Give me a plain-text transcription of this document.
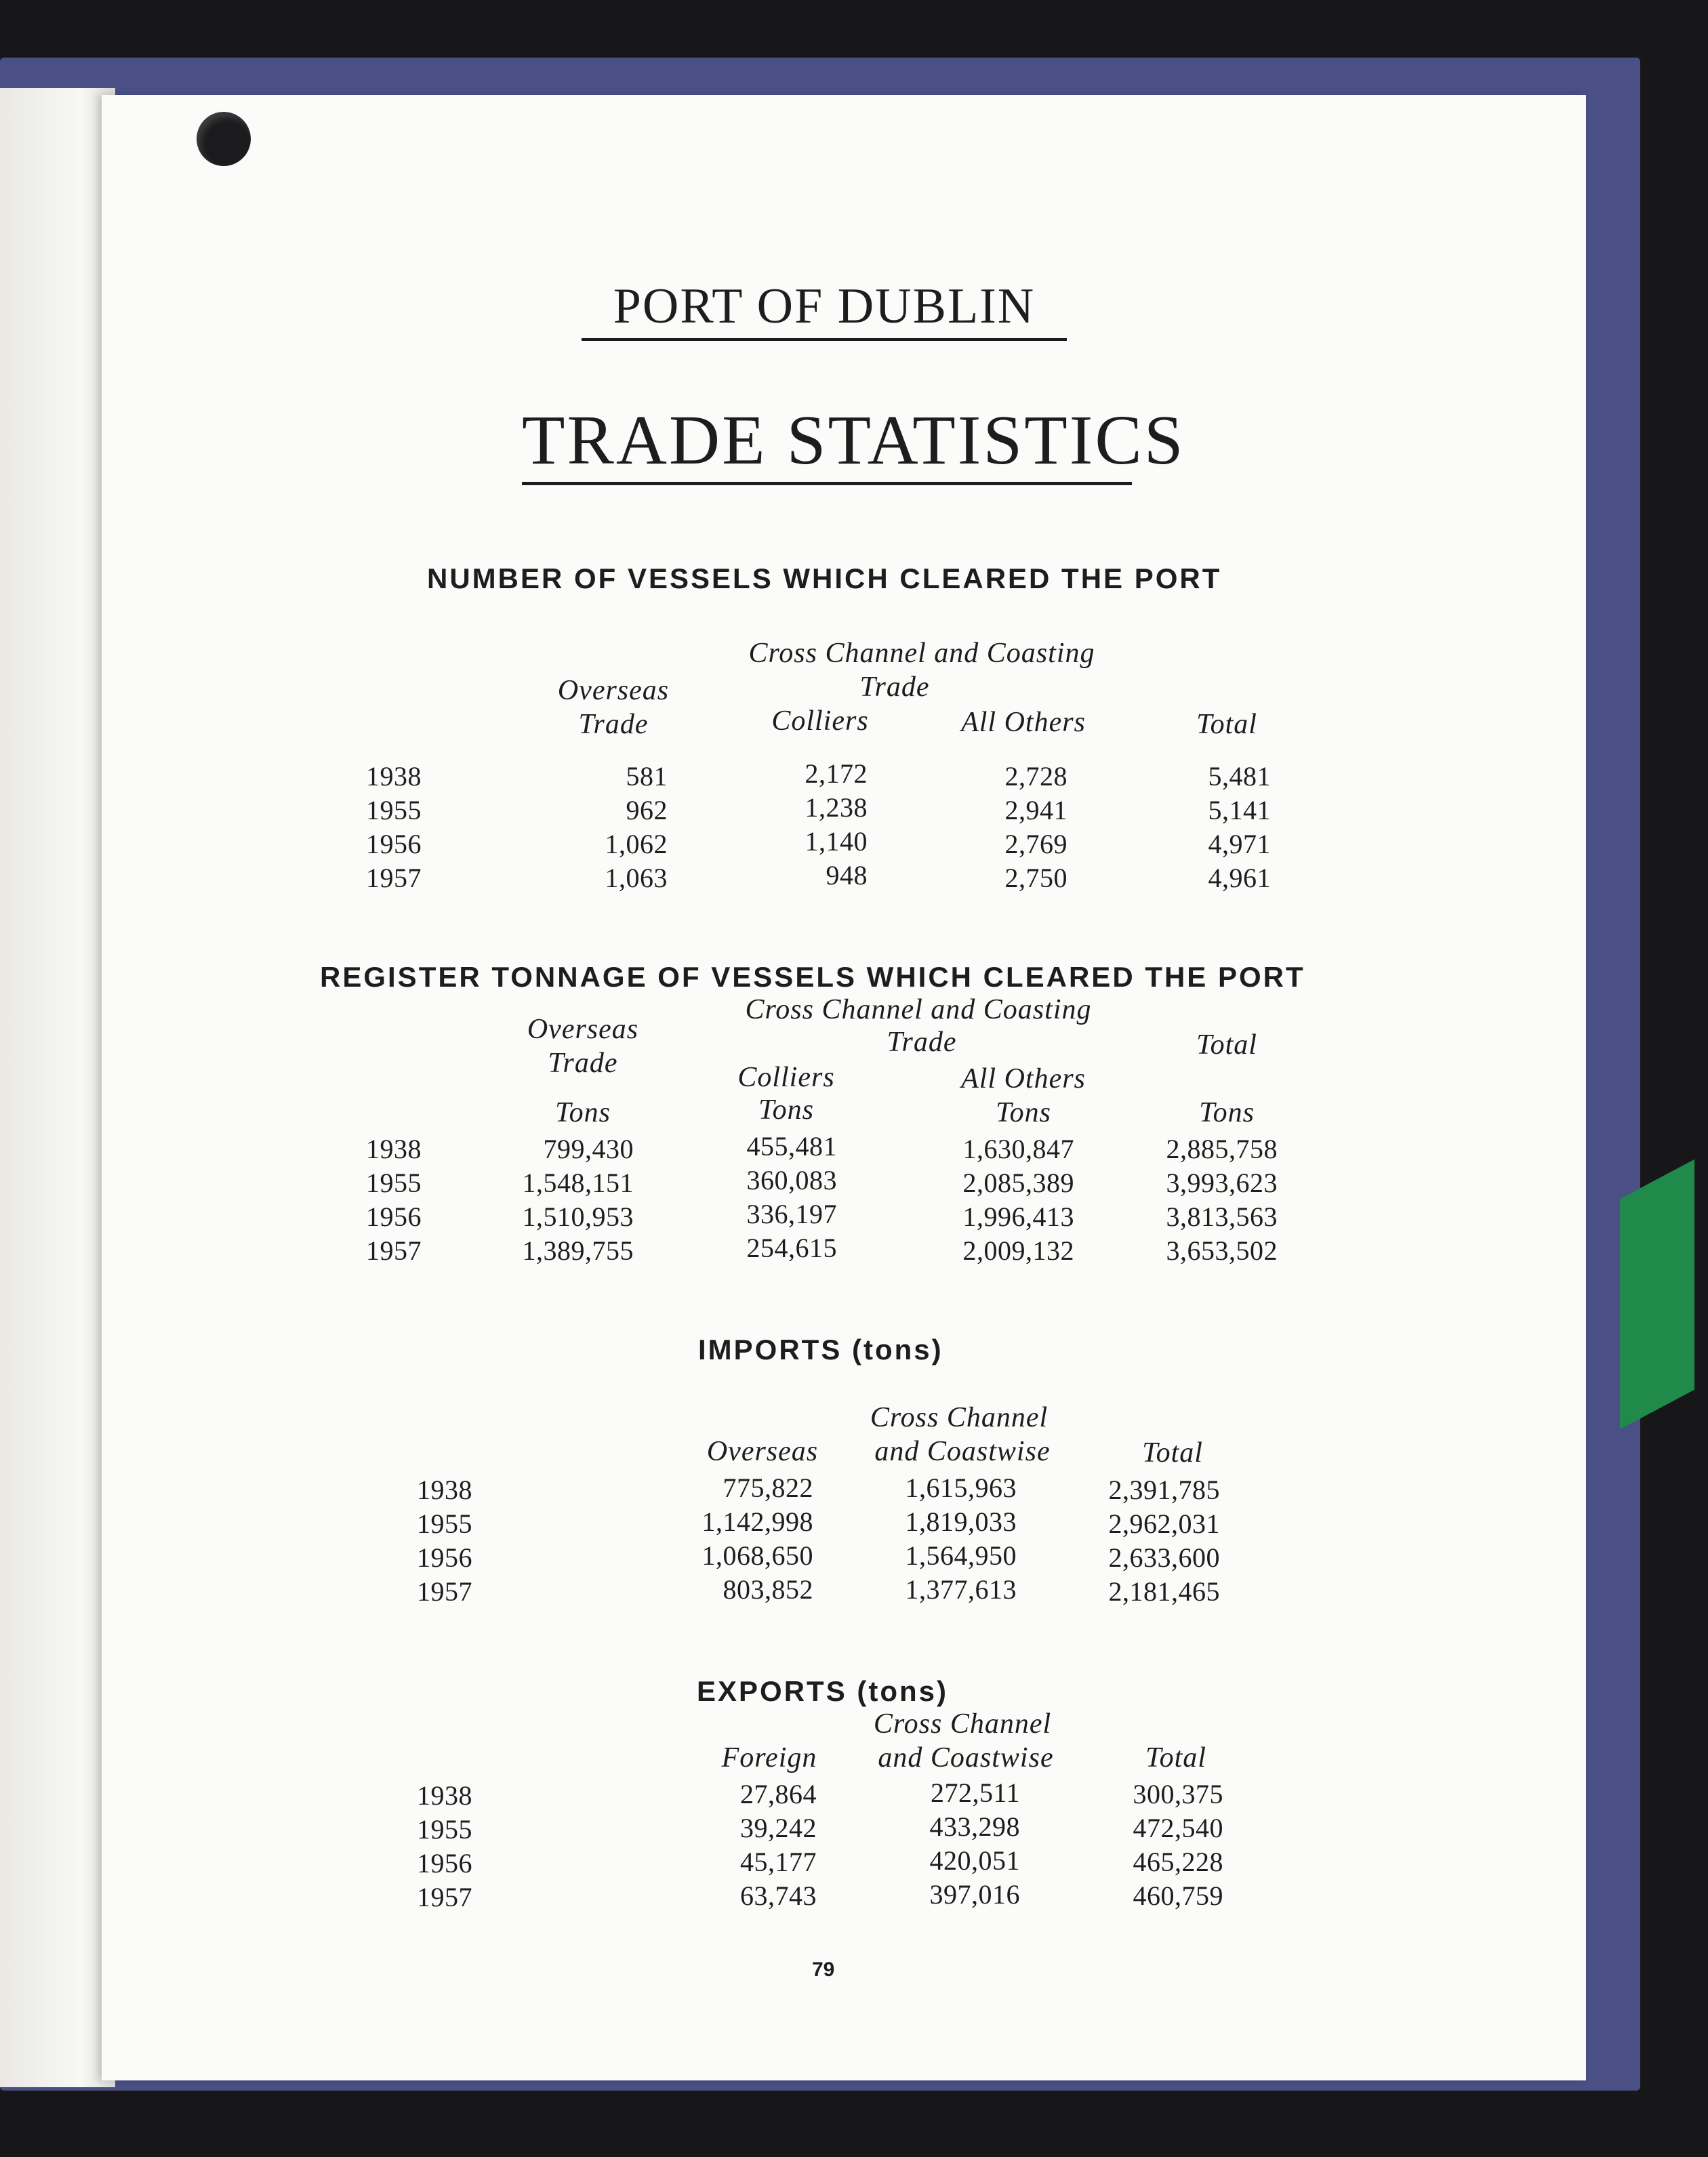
PORT OF DUBLIN
TRADE STATISTICS
NUMBER OF VESSELS WHICH CLEARED THE PORT
Cross Channel and Coasting
Trade
Overseas
Trade	Colliers	All Others	Total
1938	581	2,172	2,728	5,481
1955	962	1,238	2,941	5,141
1956	1,062	1,140	2,769	4,971
1957	1,063	948	2,750	4,961
REGISTER TONNAGE OF VESSELS WHICH CLEARED THE PORT
Cross Channel and Coasting
Trade
Overseas
Trade
Total
Colliers	All Others
Tons	Tons	Tons	Tons
1938	799,430	455,481	1,630,847	2,885,758
1955	1,548,151	360,083	2,085,389	3,993,623
1956	1,510,953	336,197	1,996,413	3,813,563
1957	1,389,755	254,615	2,009,132	3,653,502
IMPORTS (tons)
Cross Channel
Overseas	and Coastwise	Total
1938	775,822	1,615,963	2,391,785
1955	1,142,998	1,819,033	2,962,031
1956	1,068,650	1,564,950	2,633,600
1957	803,852	1,377,613	2,181,465
EXPORTS (tons)
Cross Channel
Foreign	and Coastwise	Total
1938	27,864	272,511	300,375
1955	39,242	433,298	472,540
1956	45,177	420,051	465,228
1957	63,743	397,016	460,759
79
